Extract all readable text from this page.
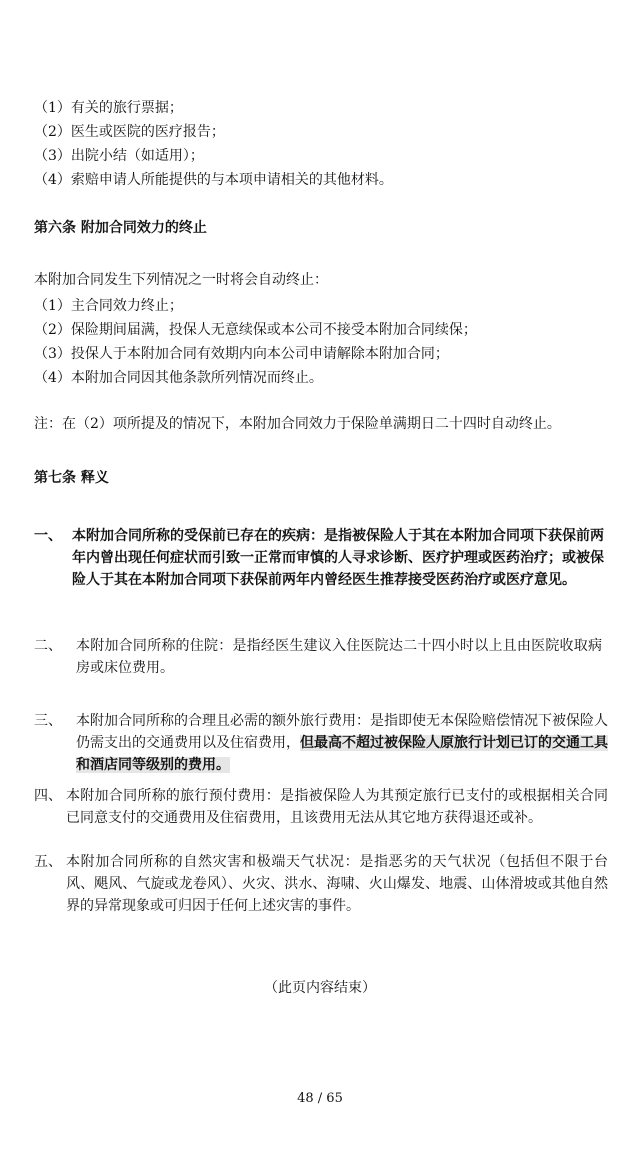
（1）有关的旅行票据；
（2）医生或医院的医疗报告；
（3）出院小结（如适用）；
（4）索赔申请人所能提供的与本项申请相关的其他材料。
第六条 附加合同效力的终止
本附加合同发生下列情况之一时将会自动终止：
（1）主合同效力终止；
（2）保险期间届满，投保人无意续保或本公司不接受本附加合同续保；
（3）投保人于本附加合同有效期内向本公司申请解除本附加合同；
（4）本附加合同因其他条款所列情况而终止。
注：在（2）项所提及的情况下，本附加合同效力于保险单满期日二十四时自动终止。
第七条 释义
一、 本附加合同所称的受保前已存在的疾病：是指被保险人于其在本附加合同项下获保前两年内曾出现任何症状而引致一正常而审慎的人寻求诊断、医疗护理或医药治疗；或被保险人于其在本附加合同项下获保前两年内曾经医生推荐接受医药治疗或医疗意见。
二、 本附加合同所称的住院：是指经医生建议入住医院达二十四小时以上且由医院收取病房或床位费用。
三、 本附加合同所称的合理且必需的额外旅行费用：是指即使无本保险赔偿情况下被保险人仍需支出的交通费用以及住宿费用，但最高不超过被保险人原旅行计划已订的交通工具和酒店同等级别的费用。
四、 本附加合同所称的旅行预付费用：是指被保险人为其预定旅行已支付的或根据相关合同已同意支付的交通费用及住宿费用，且该费用无法从其它地方获得退还或补。
五、 本附加合同所称的自然灾害和极端天气状况：是指恶劣的天气状况（包括但不限于台风、飓风、气旋或龙卷风）、火灾、洪水、海啸、火山爆发、地震、山体滑坡或其他自然界的异常现象或可归因于任何上述灾害的事件。
（此页内容结束）
48 / 65
